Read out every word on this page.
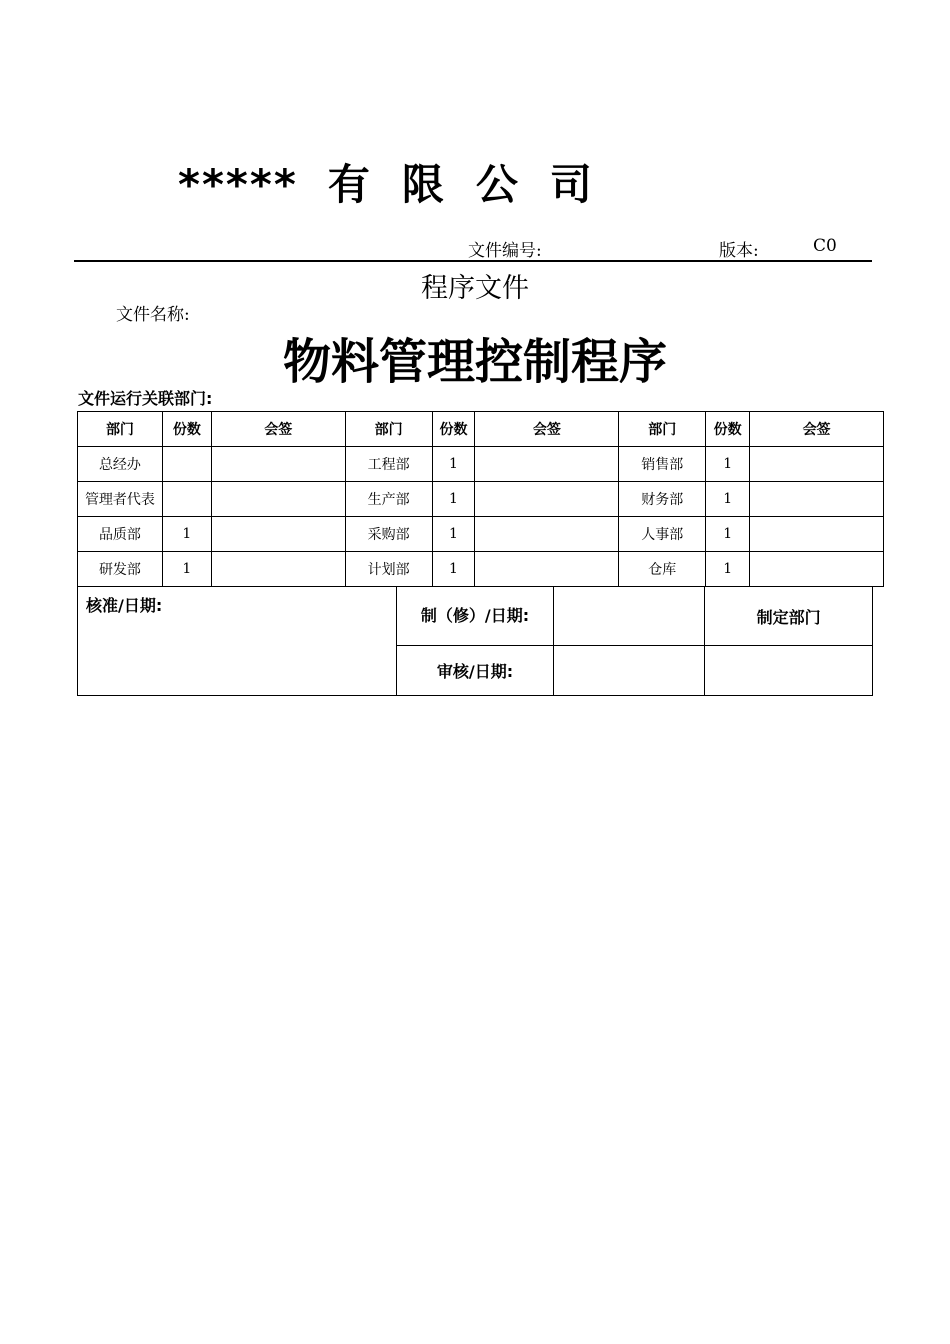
***** 有 限 公 司
文件编号:	版本:	C0
程序文件
文件名称:
物料管理控制程序
文件运行关联部门:
部门	份数	会签	部门	份数	会签	部门	份数	会签
总经办			工程部	1		销售部	1	
管理者代表			生产部	1		财务部	1	
品质部	1		采购部	1		人事部	1	
研发部	1		计划部	1		仓库	1	
核准/日期:	制（修）/日期:		制定部门
	审核/日期:		
